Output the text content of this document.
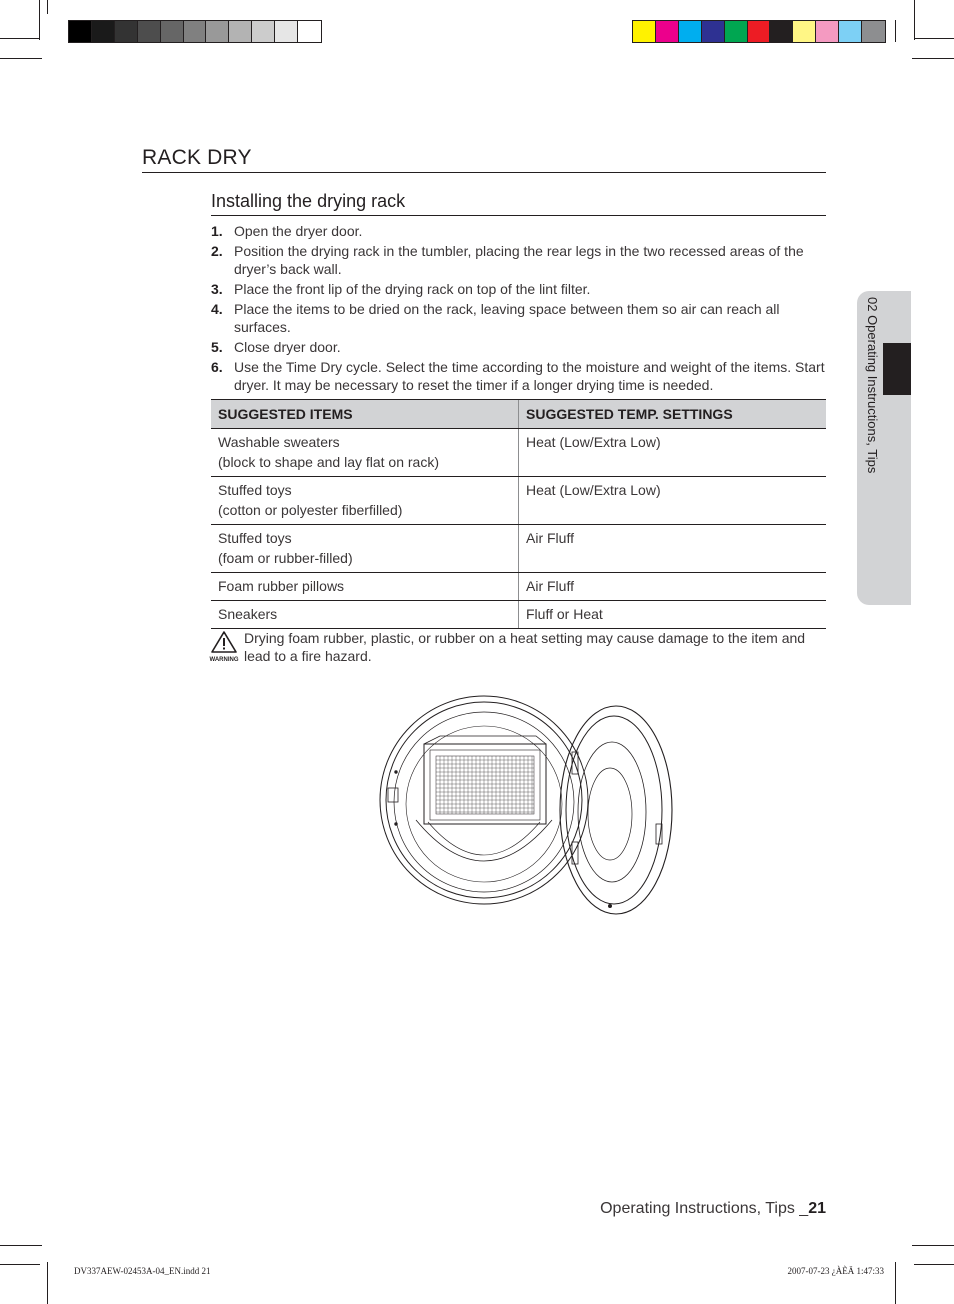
RACK DRY
Installing the drying rack
1. Open the dryer door.
2. Position the drying rack in the tumbler, placing the rear legs in the two recessed areas of the dryer’s back wall.
3. Place the front lip of the drying rack on top of the lint filter.
4. Place the items to be dried on the rack, leaving space between them so air can reach all surfaces.
5. Close dryer door.
6. Use the Time Dry cycle. Select the time according to the moisture and weight of the items. Start dryer. It may be necessary to reset the timer if a longer drying time is needed.
SUGGESTED ITEMS	SUGGESTED TEMP. SETTINGS

Washable sweaters
(block to shape and lay flat on rack)	Heat (Low/Extra Low)

Stuffed toys
(cotton or polyester fiberfilled)	Heat (Low/Extra Low)

Stuffed toys
(foam or rubber-filled)	Air Fluff
Foam rubber pillows	Air Fluff
Sneakers	Fluff or Heat
WARNING
Drying foam rubber, plastic, or rubber on a heat setting may cause damage to the item and lead to a fire hazard.
02 Operating Instructions, Tips
Operating Instructions, Tips _21
DV337AEW-02453A-04_EN.indd 21	2007-07-23 ¿ÀÈÄ 1:47:33
